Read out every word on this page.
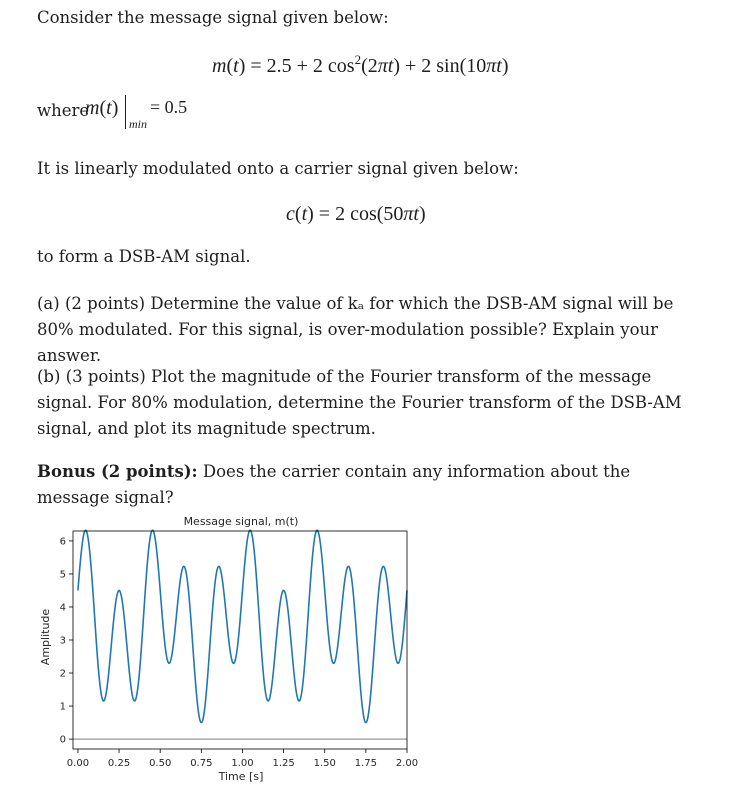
Consider the message signal given below:
m(t) = 2.5 + 2 $\cos^2(2\pi t) + 2$ sin(10πt)
where
m(t)
min
= 0.5
It is linearly modulated onto a carrier signal given below:
c(t) = 2 cos(50πt)
to form a DSB-AM signal.
(a) (2 points) Determine the value of kₐ for which the DSB-AM signal will be 80% modulated. For this signal, is over-modulation possible? Explain your answer.
(b) (3 points) Plot the magnitude of the Fourier transform of the message signal. For 80% modulation, determine the Fourier transform of the DSB-AM signal, and plot its magnitude spectrum.
Bonus (2 points): Does the carrier contain any information about the message signal?
Message signal, m(t)
Amplitude
Time [s]
0.00 0.25 0.50 0.75 1.00 1.25 1.50 1.75 2.00
0
1
2
3
4
5
6
